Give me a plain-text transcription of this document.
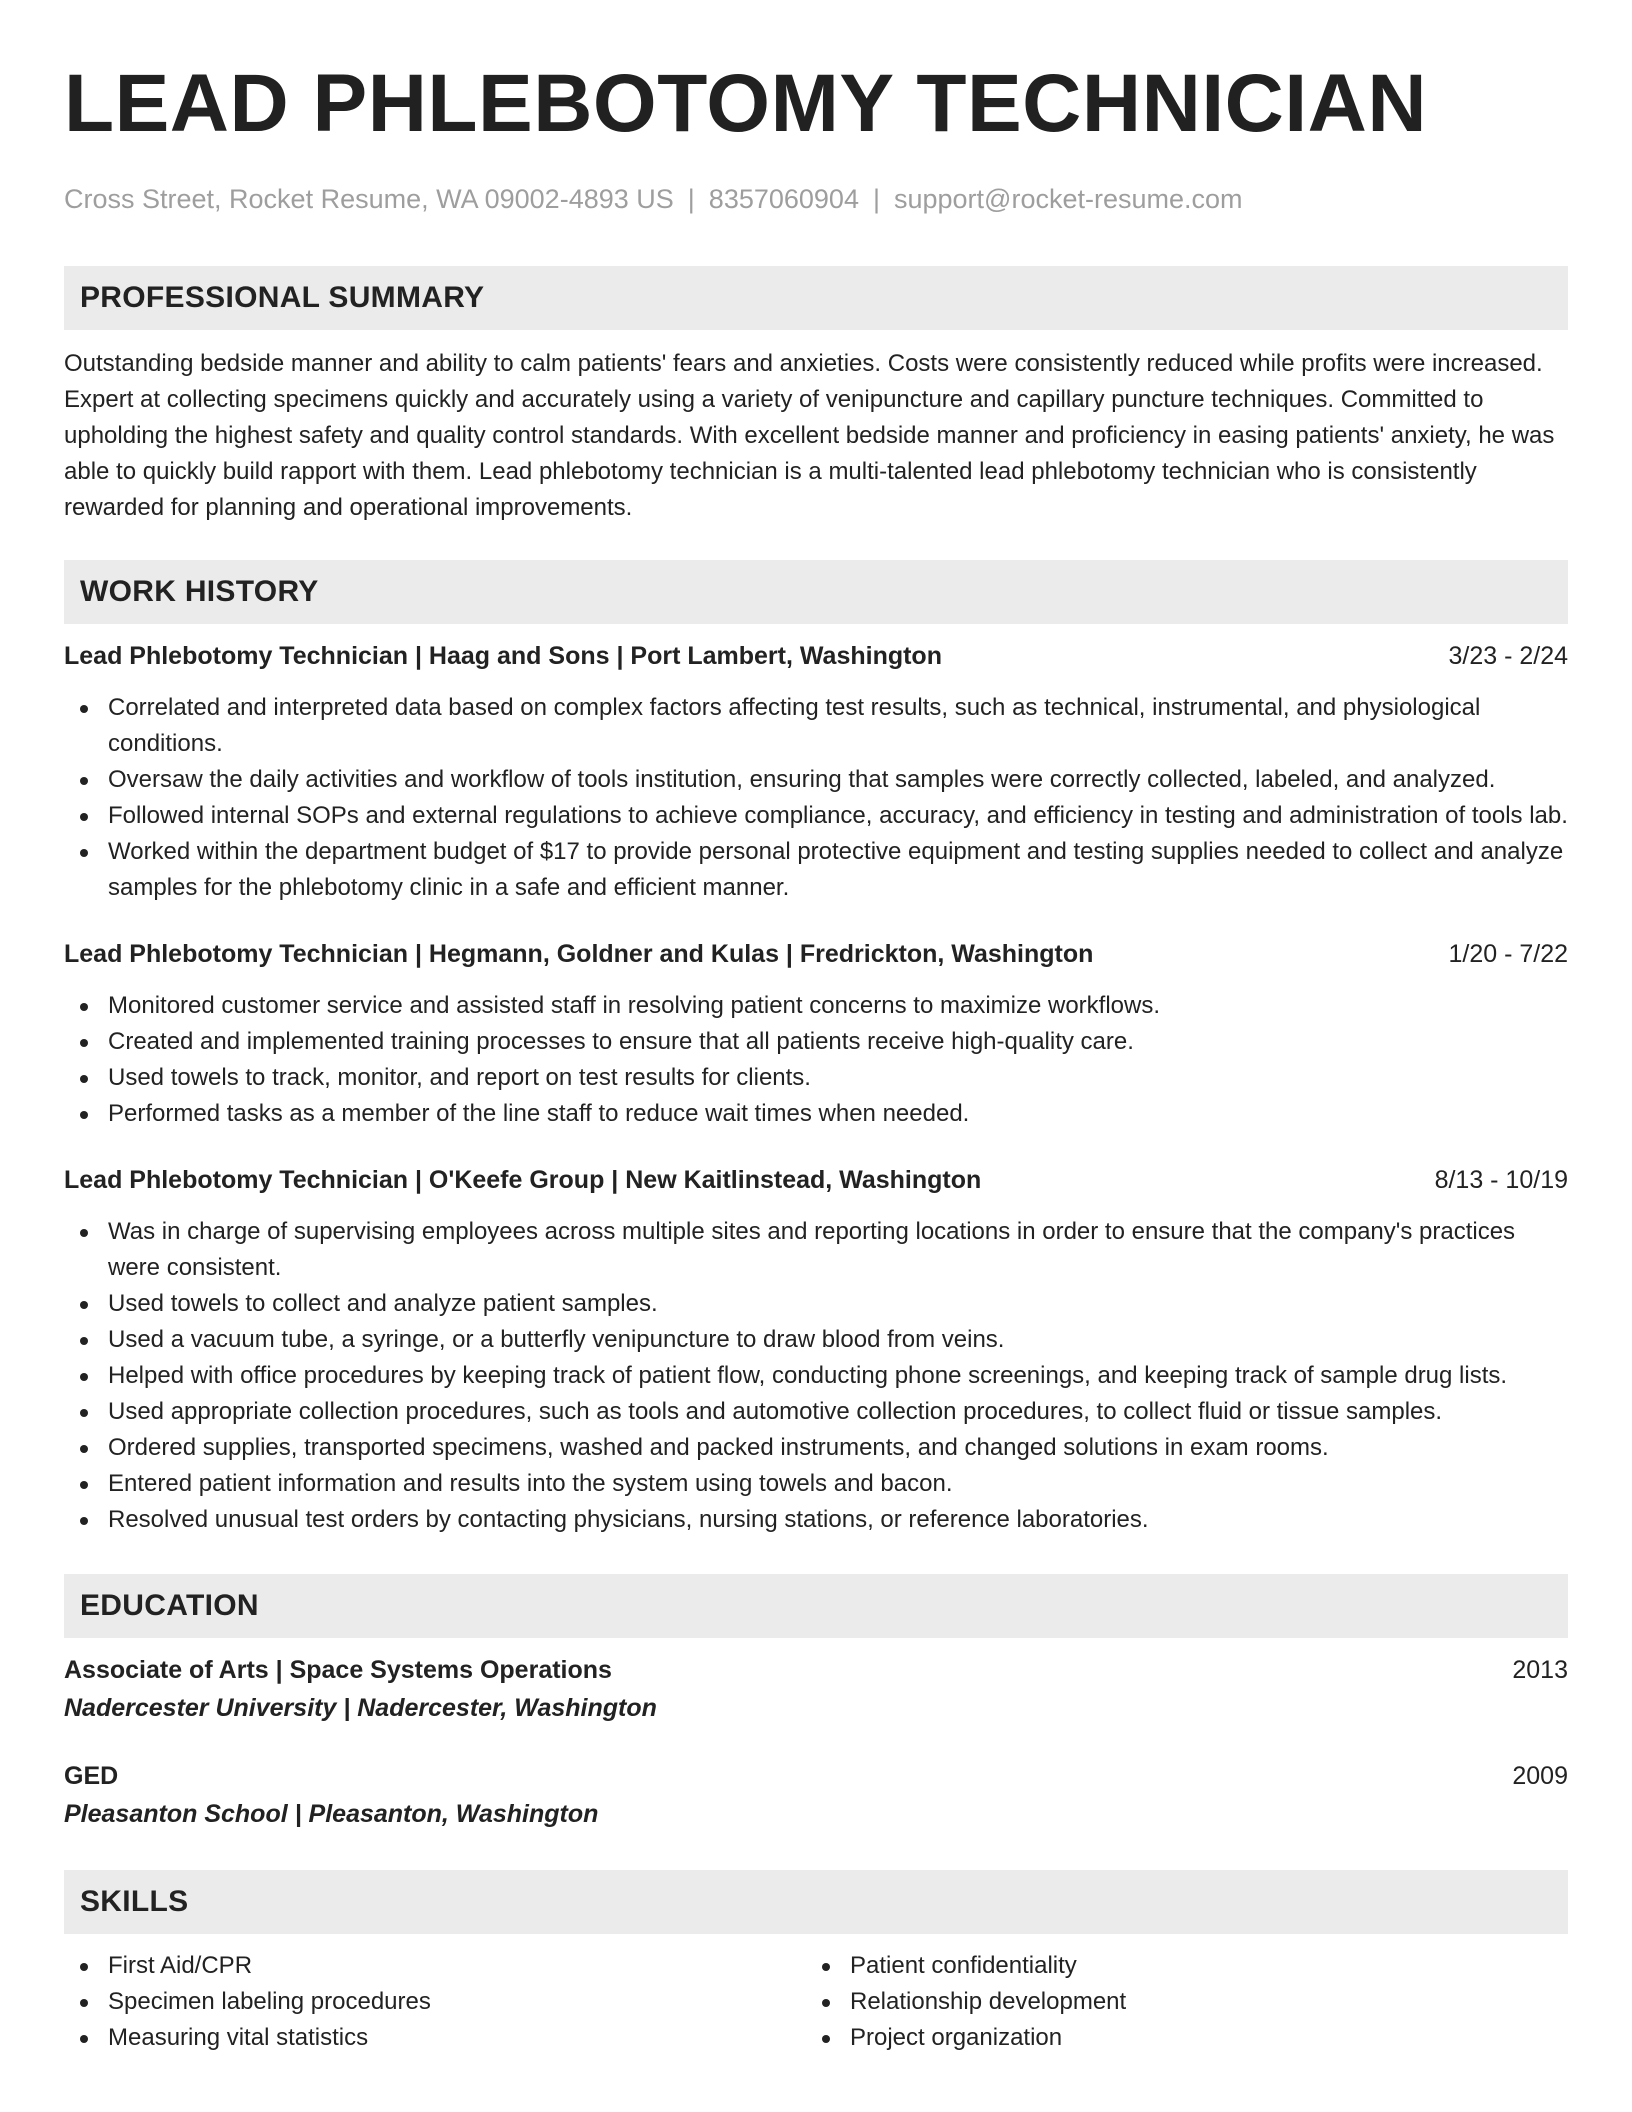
LEAD PHLEBOTOMY TECHNICIAN
Cross Street, Rocket Resume, WA 09002-4893 US | 8357060904 | support@rocket-resume.com
PROFESSIONAL SUMMARY
Outstanding bedside manner and ability to calm patients' fears and anxieties. Costs were consistently reduced while profits were increased. Expert at collecting specimens quickly and accurately using a variety of venipuncture and capillary puncture techniques. Committed to upholding the highest safety and quality control standards. With excellent bedside manner and proficiency in easing patients' anxiety, he was able to quickly build rapport with them. Lead phlebotomy technician is a multi-talented lead phlebotomy technician who is consistently rewarded for planning and operational improvements.
WORK HISTORY
Lead Phlebotomy Technician | Haag and Sons | Port Lambert, Washington	3/23 - 2/24
Correlated and interpreted data based on complex factors affecting test results, such as technical, instrumental, and physiological conditions.
Oversaw the daily activities and workflow of tools institution, ensuring that samples were correctly collected, labeled, and analyzed.
Followed internal SOPs and external regulations to achieve compliance, accuracy, and efficiency in testing and administration of tools lab.
Worked within the department budget of $17 to provide personal protective equipment and testing supplies needed to collect and analyze samples for the phlebotomy clinic in a safe and efficient manner.
Lead Phlebotomy Technician | Hegmann, Goldner and Kulas | Fredrickton, Washington	1/20 - 7/22
Monitored customer service and assisted staff in resolving patient concerns to maximize workflows.
Created and implemented training processes to ensure that all patients receive high-quality care.
Used towels to track, monitor, and report on test results for clients.
Performed tasks as a member of the line staff to reduce wait times when needed.
Lead Phlebotomy Technician | O'Keefe Group | New Kaitlinstead, Washington	8/13 - 10/19
Was in charge of supervising employees across multiple sites and reporting locations in order to ensure that the company's practices were consistent.
Used towels to collect and analyze patient samples.
Used a vacuum tube, a syringe, or a butterfly venipuncture to draw blood from veins.
Helped with office procedures by keeping track of patient flow, conducting phone screenings, and keeping track of sample drug lists.
Used appropriate collection procedures, such as tools and automotive collection procedures, to collect fluid or tissue samples.
Ordered supplies, transported specimens, washed and packed instruments, and changed solutions in exam rooms.
Entered patient information and results into the system using towels and bacon.
Resolved unusual test orders by contacting physicians, nursing stations, or reference laboratories.
EDUCATION
Associate of Arts | Space Systems Operations	2013
Nadercester University | Nadercester, Washington
GED	2009
Pleasanton School | Pleasanton, Washington
SKILLS
First Aid/CPR
Specimen labeling procedures
Measuring vital statistics
Patient confidentiality
Relationship development
Project organization
